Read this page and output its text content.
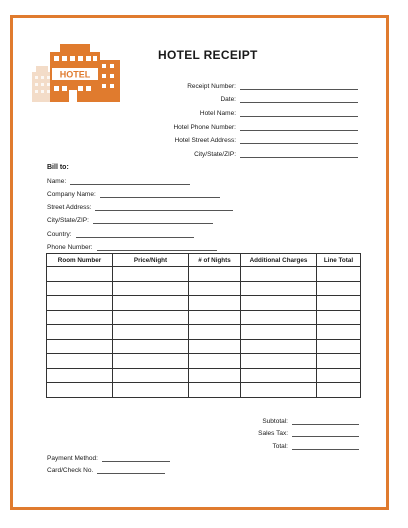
HOTEL
HOTEL RECEIPT
Receipt Number:
Date:
Hotel Name:
Hotel Phone Number:
Hotel Street Address:
City/State/ZIP:
Bill to:
Name:
Company Name:
Street Address:
City/State/ZIP:
Country:
Phone Number:
Room Number	Price/Night	# of Nights	Additional Charges	Line Total

Subtotal:
Sales Tax:
Total:
Payment Method:
Card/Check No.
